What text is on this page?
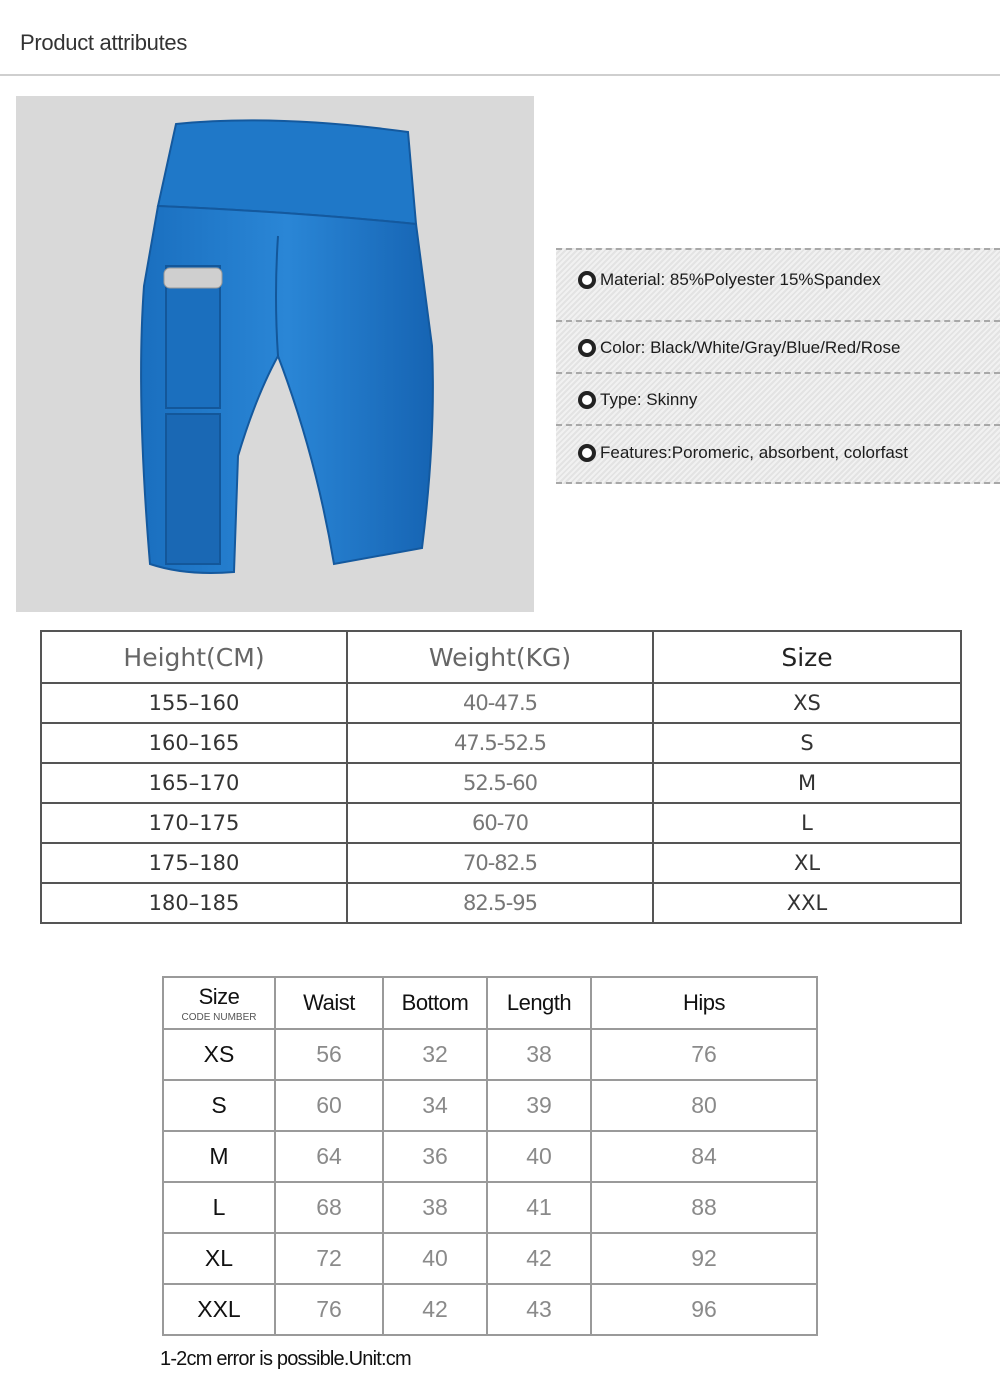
Product attributes
Material: 85%Polyester 15%Spandex
Color: Black/White/Gray/Blue/Red/Rose
Type: Skinny
Features:Poromeric, absorbent, colorfast
Height(CM)	Weight(KG)	Size
155–160	40-47.5	XS
160–165	47.5-52.5	S
165–170	52.5-60	M
170–175	60-70	L
175–180	70-82.5	XL
180–185	82.5-95	XXL
Size
CODE NUMBER	Waist	Bottom	Length	Hips
XS	56	32	38	76
S	60	34	39	80
M	64	36	40	84
L	68	38	41	88
XL	72	40	42	92
XXL	76	42	43	96
1-2cm error is possible.Unit:cm
